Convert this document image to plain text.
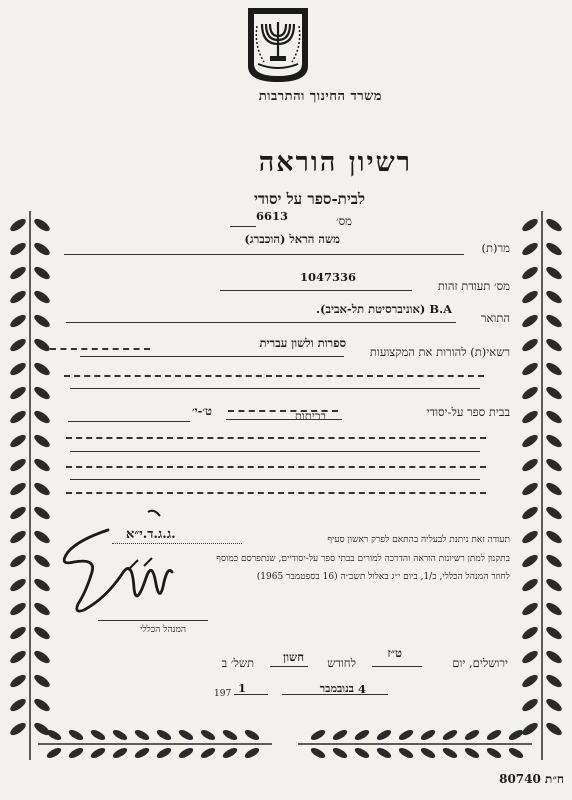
משרד החינוך והתרבות
רשיון הוראה
לבית-ספר על יסודי
מס׳
6613
מר(ת)
משה הראל (הוכברג)
מס׳ תעודת זהות
1047336
התואר
B.A (אוניברסיטת תל-אביב).
רשאי(ת) להורות את המקצועות
ספרות ולשון עברית
בבית ספר על-יסודי
בכיתות
ט׳-י׳
תעודה זאת ניתנת לבעליה בהתאם לפרק ראשון סעיף
ג.ג.ד.י״א.
בתקנון למתן רשיונות הוראה והדרכה למורים בבתי ספר על-יסודיים, שנתפרסם כמוסף
לחוזר המנהל הכללי, כ/1, ביום י״ג באלול תשכ״ה (16 בספטמבר 1965)
המנהל הכללי
ירושלים, יום
ט״ז
לחודש
חשון
תשל׳ ב
197 1	4
בנובמבר
ח״ת 80740
